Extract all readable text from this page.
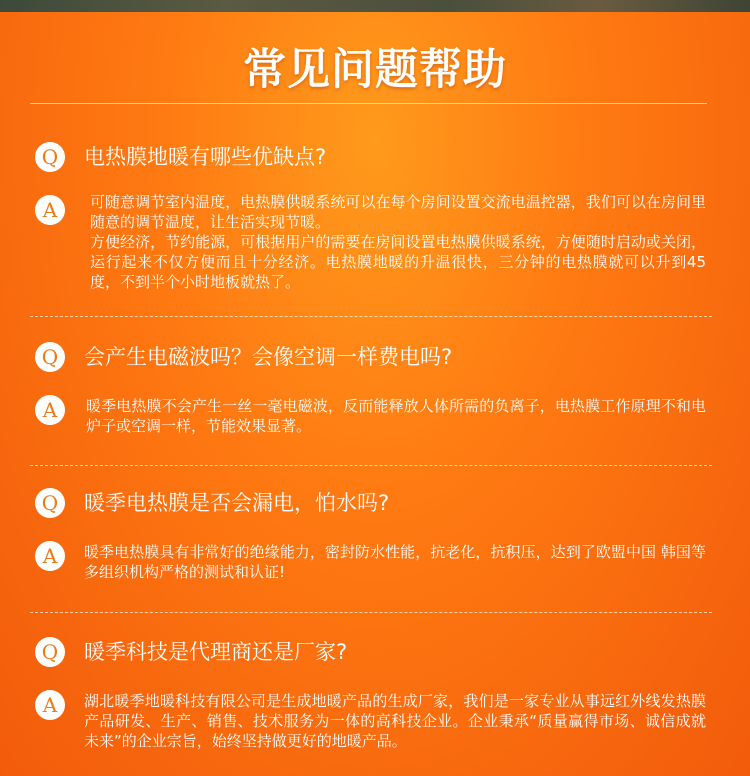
常见问题帮助
Q	电热膜地暖有哪些优缺点?
A	可随意调节室内温度，电热膜供暖系统可以在每个房间设置交流电温控器，我们可以在房间里随意的调节温度，让生活实现节暖。
方便经济，节约能源，可根据用户的需要在房间设置电热膜供暖系统，方便随时启动或关闭，运行起来不仅方便而且十分经济。电热膜地暖的升温很快，三分钟的电热膜就可以升到45度，不到半个小时地板就热了。
Q	会产生电磁波吗？会像空调一样费电吗?
A	暖季电热膜不会产生一丝一毫电磁波，反而能释放人体所需的负离子，电热膜工作原理不和电炉子或空调一样，节能效果显著。
Q	暖季电热膜是否会漏电，怕水吗?
A	暖季电热膜具有非常好的绝缘能力，密封防水性能，抗老化，抗积压，达到了欧盟中国 韩国等多组织机构严格的测试和认证!
Q	暖季科技是代理商还是厂家?
A	湖北暖季地暖科技有限公司是生成地暖产品的生成厂家，我们是一家专业从事远红外线发热膜产品研发、生产、销售、技术服务为一体的高科技企业。企业秉承“质量赢得市场、诚信成就未来”的企业宗旨，始终坚持做更好的地暖产品。
